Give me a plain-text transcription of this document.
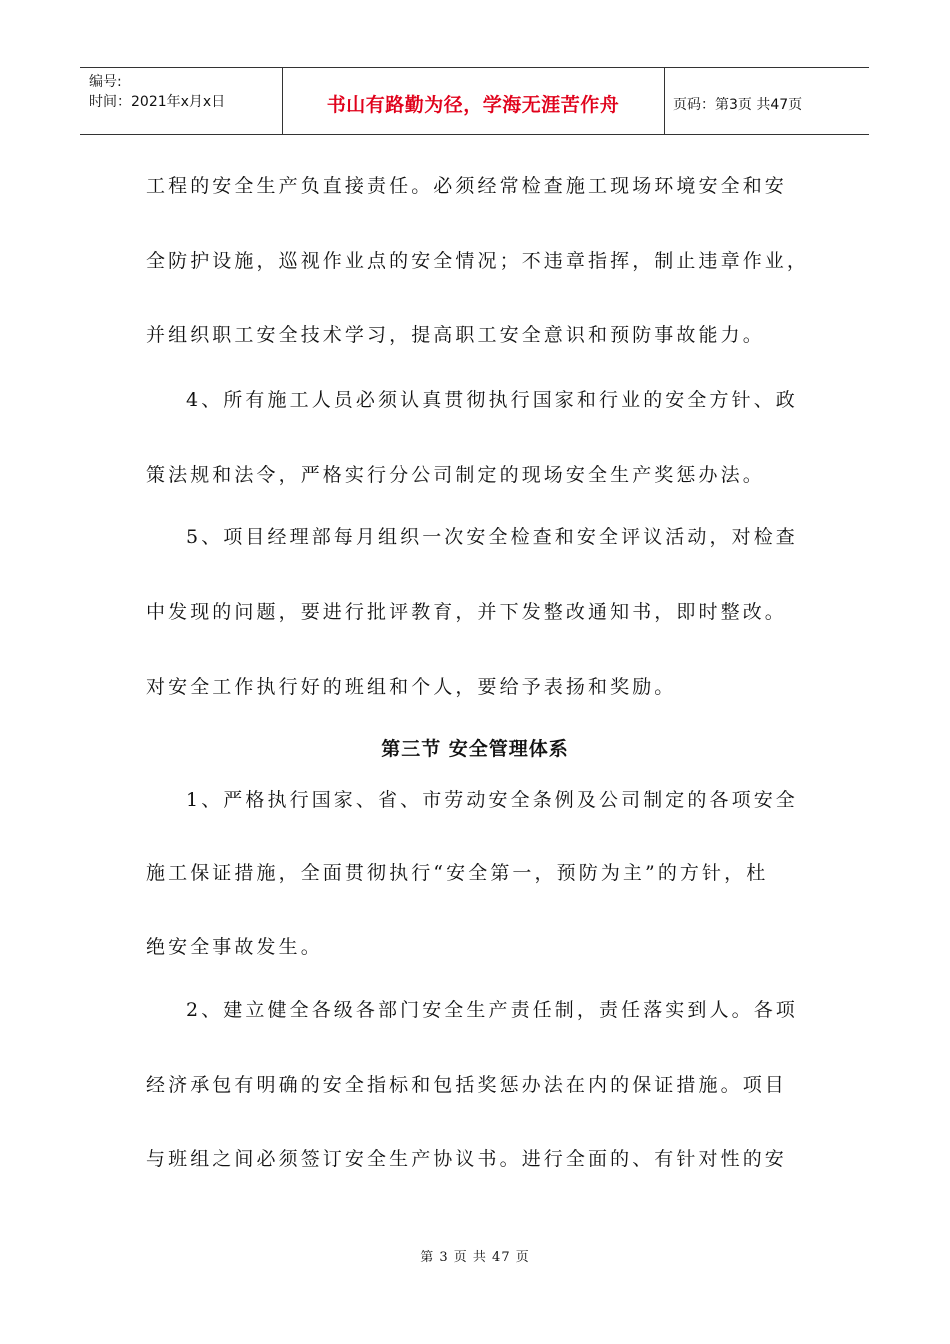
编号:
时间：2021年x月x日	书山有路勤为径，学海无涯苦作舟	页码：第3页 共47页
工程的安全生产负直接责任。必须经常检查施工现场环境安全和安
全防护设施，巡视作业点的安全情况；不违章指挥，制止违章作业，
并组织职工安全技术学习，提高职工安全意识和预防事故能力。
4、所有施工人员必须认真贯彻执行国家和行业的安全方针、政
策法规和法令，严格实行分公司制定的现场安全生产奖惩办法。
5、项目经理部每月组织一次安全检查和安全评议活动，对检查
中发现的问题，要进行批评教育，并下发整改通知书，即时整改。
对安全工作执行好的班组和个人，要给予表扬和奖励。
第三节 安全管理体系
1、严格执行国家、省、市劳动安全条例及公司制定的各项安全
施工保证措施，全面贯彻执行“安全第一，预防为主”的方针，杜
绝安全事故发生。
2、建立健全各级各部门安全生产责任制，责任落实到人。各项
经济承包有明确的安全指标和包括奖惩办法在内的保证措施。项目
与班组之间必须签订安全生产协议书。进行全面的、有针对性的安
第 3 页 共 47 页
